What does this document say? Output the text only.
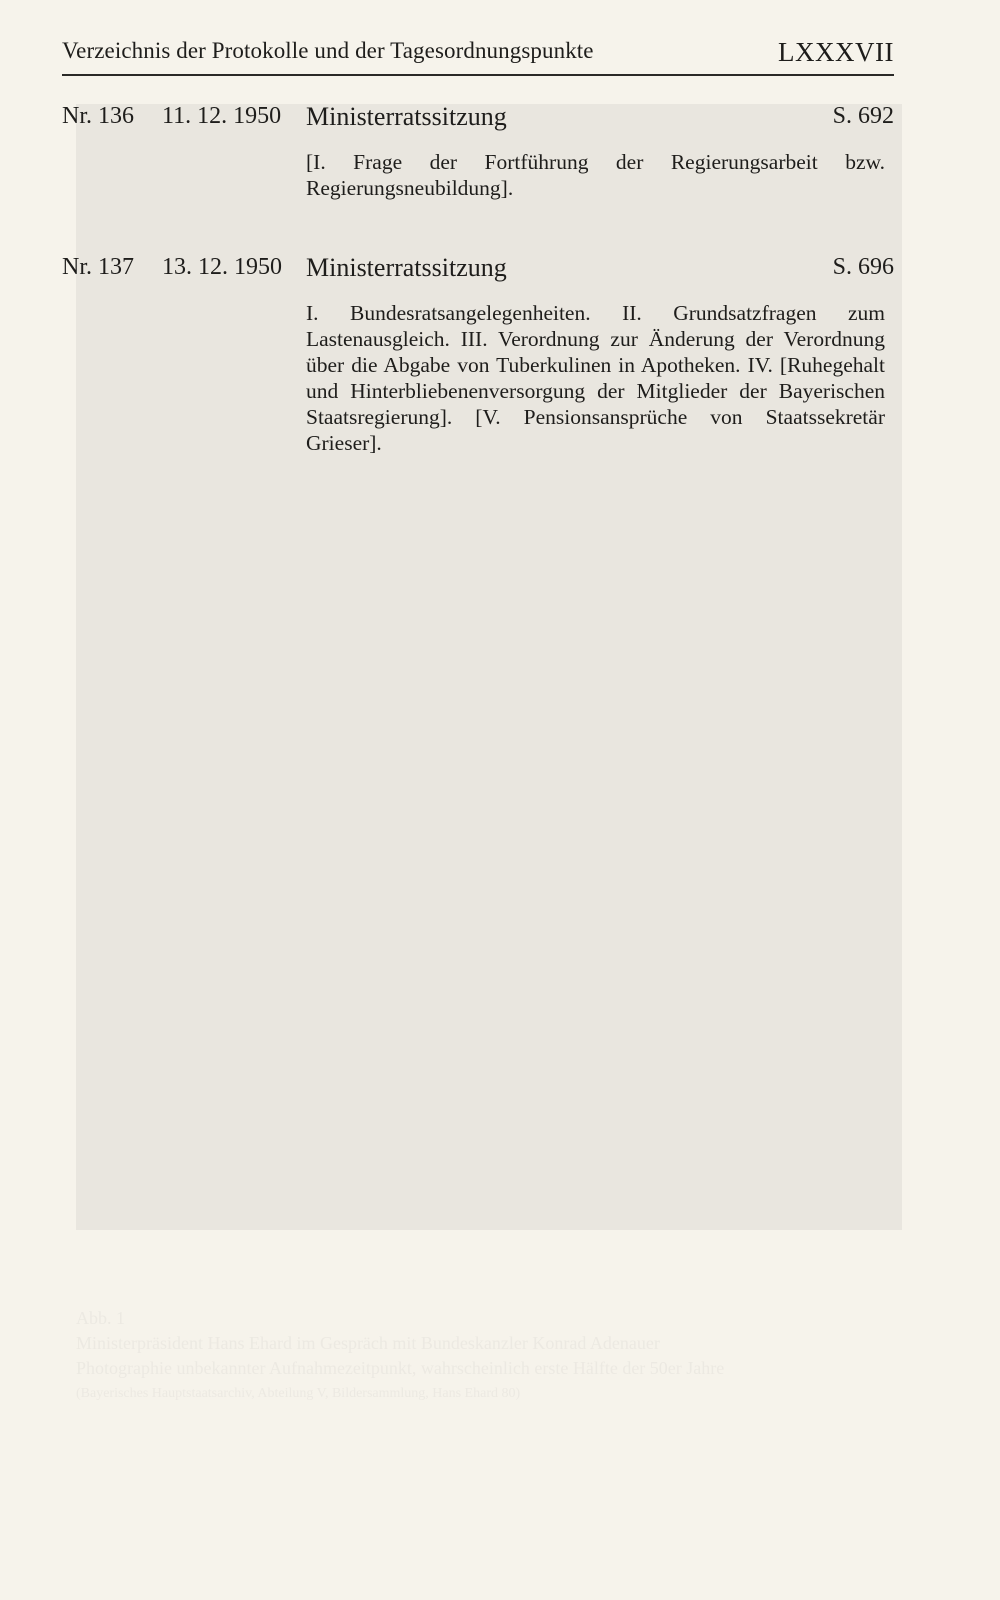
Verzeichnis der Protokolle und der Tagesordnungspunkte	LXXXVII
Nr. 136 11. 12. 1950 Ministerratssitzung	S. 692
[I. Frage der Fortführung der Regierungsarbeit bzw. Regierungsneubildung].
Nr. 137 13. 12. 1950 Ministerratssitzung	S. 696
I. Bundesratsangelegenheiten. II. Grundsatzfragen zum Lastenausgleich. III. Verordnung zur Änderung der Verordnung über die Abgabe von Tuberkulinen in Apotheken. IV. [Ruhegehalt und Hinterbliebenenversorgung der Mitglieder der Bayerischen Staatsregierung]. [V. Pensionsansprüche von Staatssekretär Grieser].
Abb. 1
Ministerpräsident Hans Ehard im Gespräch mit Bundeskanzler Konrad Adenauer
Photographie unbekannter Aufnahmezeitpunkt, wahrscheinlich erste Hälfte der 50er Jahre
(Bayerisches Hauptstaatsarchiv, Abteilung V, Bildersammlung, Hans Ehard 80)
